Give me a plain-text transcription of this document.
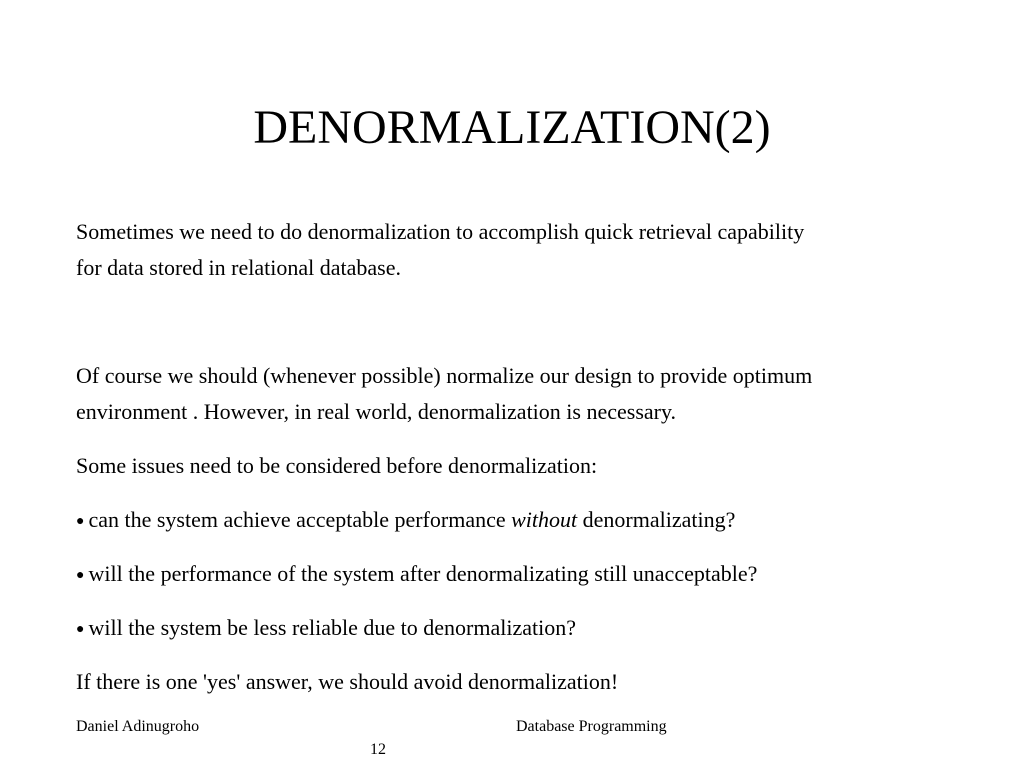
DENORMALIZATION(2)
Sometimes we need to do denormalization to accomplish quick retrieval capability
for data stored in relational database.
Of course we should (whenever possible) normalize our design to provide optimum
environment . However, in real world, denormalization is necessary.
Some issues need to be considered before denormalization:
● can the system achieve acceptable performance without denormalizating?
● will the performance of the system after denormalizating still unacceptable?
● will the system be less reliable due to denormalization?
If there is one 'yes' answer, we should avoid denormalization!
Daniel Adinugroho	Database Programming
12
